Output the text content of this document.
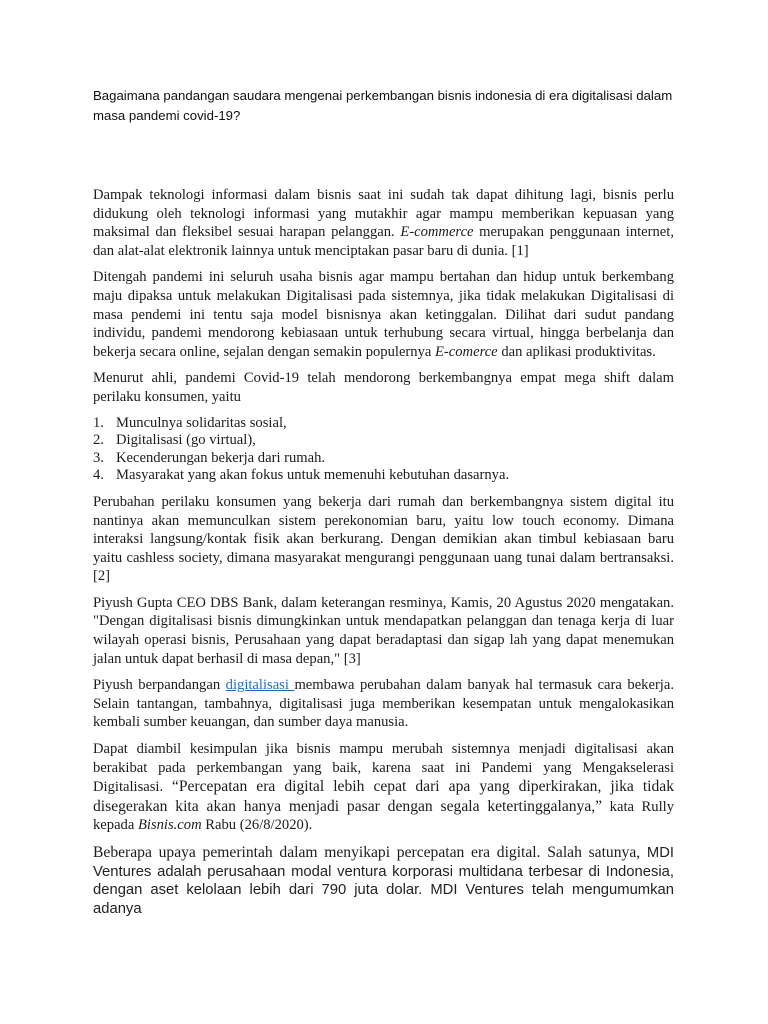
Bagaimana pandangan saudara mengenai perkembangan bisnis indonesia di era digitalisasi dalam masa pandemi covid-19?

Dampak teknologi informasi dalam bisnis saat ini sudah tak dapat dihitung lagi, bisnis perlu didukung oleh teknologi informasi yang mutakhir agar mampu memberikan kepuasan yang maksimal dan fleksibel sesuai harapan pelanggan. E-commerce merupakan penggunaan internet, dan alat-alat elektronik lainnya untuk menciptakan pasar baru di dunia. [1]

Ditengah pandemi ini seluruh usaha bisnis agar mampu bertahan dan hidup untuk berkembang maju dipaksa untuk melakukan Digitalisasi pada sistemnya, jika tidak melakukan Digitalisasi di masa pendemi ini tentu saja model bisnisnya akan ketinggalan. Dilihat dari sudut pandang individu, pandemi mendorong kebiasaan untuk terhubung secara virtual, hingga berbelanja dan bekerja secara online, sejalan dengan semakin populernya E-comerce dan aplikasi produktivitas.

Menurut ahli, pandemi Covid-19 telah mendorong berkembangnya empat mega shift dalam perilaku konsumen, yaitu

1. Munculnya solidaritas sosial,
2. Digitalisasi (go virtual),
3. Kecenderungan bekerja dari rumah.
4. Masyarakat yang akan fokus untuk memenuhi kebutuhan dasarnya.

Perubahan perilaku konsumen yang bekerja dari rumah dan berkembangnya sistem digital itu nantinya akan memunculkan sistem perekonomian baru, yaitu low touch economy. Dimana interaksi langsung/kontak fisik akan berkurang. Dengan demikian akan timbul kebiasaan baru yaitu cashless society, dimana masyarakat mengurangi penggunaan uang tunai dalam bertransaksi. [2]

Piyush Gupta CEO DBS Bank, dalam keterangan resminya, Kamis, 20 Agustus 2020 mengatakan. "Dengan digitalisasi bisnis dimungkinkan untuk mendapatkan pelanggan dan tenaga kerja di luar wilayah operasi bisnis, Perusahaan yang dapat beradaptasi dan sigap lah yang dapat menemukan jalan untuk dapat berhasil di masa depan," [3]

Piyush berpandangan digitalisasi membawa perubahan dalam banyak hal termasuk cara bekerja. Selain tantangan, tambahnya, digitalisasi juga memberikan kesempatan untuk mengalokasikan kembali sumber keuangan, dan sumber daya manusia.

Dapat diambil kesimpulan jika bisnis mampu merubah sistemnya menjadi digitalisasi akan berakibat pada perkembangan yang baik, karena saat ini Pandemi yang Mengakselerasi Digitalisasi. “Percepatan era digital lebih cepat dari apa yang diperkirakan, jika tidak disegerakan kita akan hanya menjadi pasar dengan segala ketertinggalanya,” kata Rully kepada Bisnis.com Rabu (26/8/2020).

Beberapa upaya pemerintah dalam menyikapi percepatan era digital. Salah satunya, MDI Ventures adalah perusahaan modal ventura korporasi multidana terbesar di Indonesia, dengan aset kelolaan lebih dari 790 juta dolar. MDI Ventures telah mengumumkan adanya
